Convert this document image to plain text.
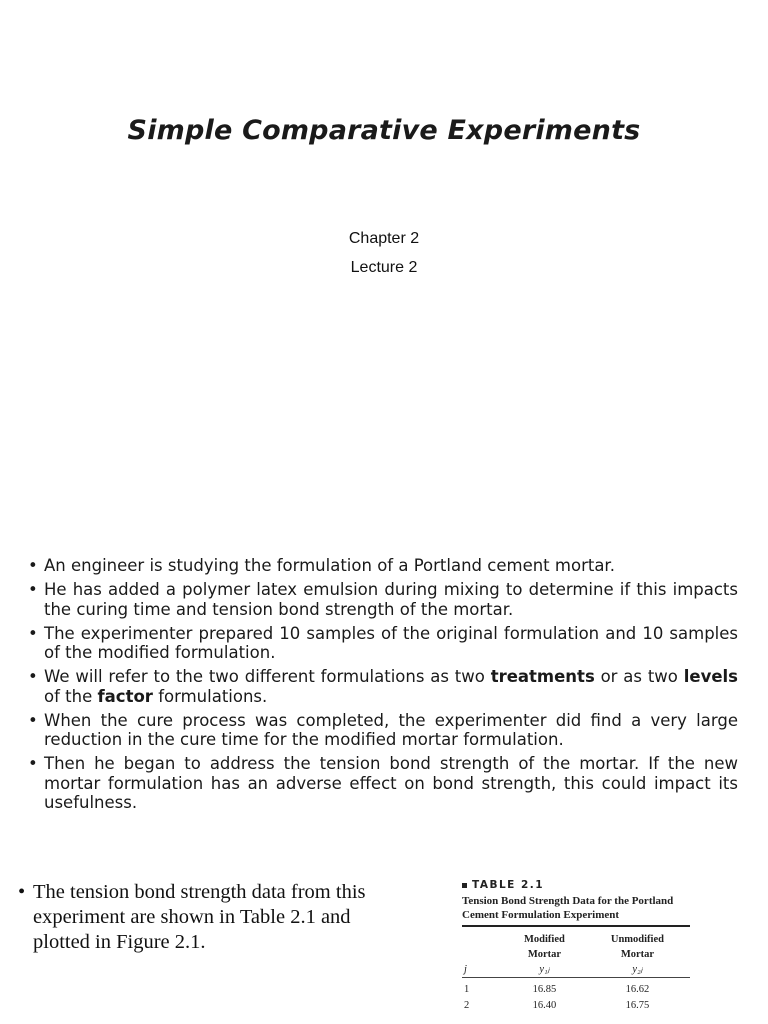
Simple Comparative Experiments
Chapter 2
Lecture 2
• An engineer is studying the formulation of a Portland cement mortar.
• He has added a polymer latex emulsion during mixing to determine if this impacts the curing time and tension bond strength of the mortar.
• The experimenter prepared 10 samples of the original formulation and 10 samples of the modified formulation.
• We will refer to the two different formulations as two treatments or as two levels of the factor formulations.
• When the cure process was completed, the experimenter did find a very large reduction in the cure time for the modified mortar formulation.
• Then he began to address the tension bond strength of the mortar. If the new mortar formulation has an adverse effect on bond strength, this could impact its usefulness.
• The tension bond strength data from this experiment are shown in Table 2.1 and plotted in Figure 2.1.
TABLE 2.1
Tension Bond Strength Data for the Portland
Cement Formulation Experiment
	Modified	Unmodified
	Mortar	Mortar
j	y₁ⱼ	y₂ⱼ

1	16.85	16.62
2	16.40	16.75
